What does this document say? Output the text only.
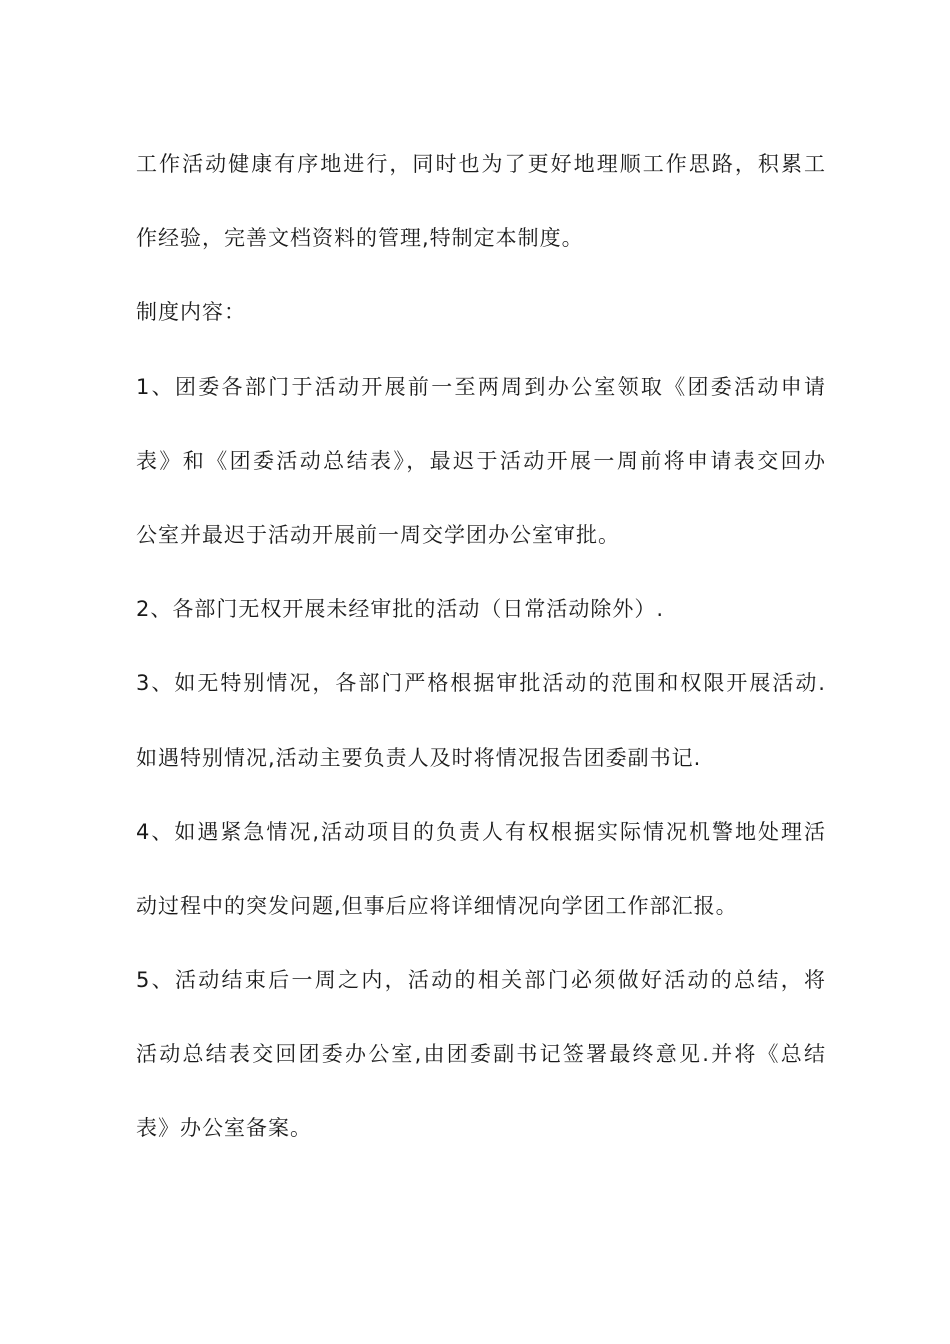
工作活动健康有序地进行，同时也为了更好地理顺工作思路，积累工
作经验，完善文档资料的管理,特制定本制度。
制度内容：
1、团委各部门于活动开展前一至两周到办公室领取《团委活动申请
表》和《团委活动总结表》，最迟于活动开展一周前将申请表交回办
公室并最迟于活动开展前一周交学团办公室审批。
2、各部门无权开展未经审批的活动（日常活动除外）.
3、如无特别情况，各部门严格根据审批活动的范围和权限开展活动.
如遇特别情况,活动主要负责人及时将情况报告团委副书记.
4、如遇紧急情况,活动项目的负责人有权根据实际情况机警地处理活
动过程中的突发问题,但事后应将详细情况向学团工作部汇报。
5、活动结束后一周之内，活动的相关部门必须做好活动的总结，将
活动总结表交回团委办公室,由团委副书记签署最终意见.并将《总结
表》办公室备案。
